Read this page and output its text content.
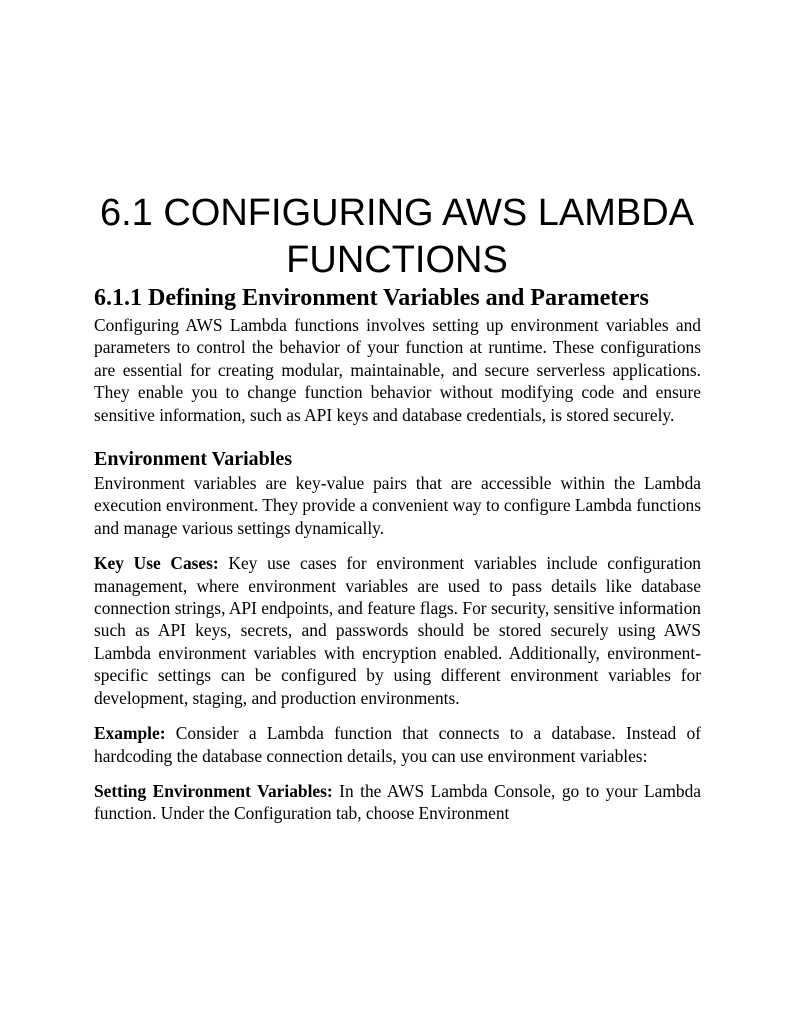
6.1 CONFIGURING AWS LAMBDA FUNCTIONS
6.1.1 Defining Environment Variables and Parameters

Configuring AWS Lambda functions involves setting up environment variables and parameters to control the behavior of your function at runtime. These configurations are essential for creating modular, maintainable, and secure serverless applications. They enable you to change function behavior without modifying code and ensure sensitive information, such as API keys and database credentials, is stored securely.

Environment Variables

Environment variables are key-value pairs that are accessible within the Lambda execution environment. They provide a convenient way to configure Lambda functions and manage various settings dynamically.

Key Use Cases: Key use cases for environment variables include configuration management, where environment variables are used to pass details like database connection strings, API endpoints, and feature flags. For security, sensitive information such as API keys, secrets, and passwords should be stored securely using AWS Lambda environment variables with encryption enabled. Additionally, environment-specific settings can be configured by using different environment variables for development, staging, and production environments.

Example: Consider a Lambda function that connects to a database. Instead of hardcoding the database connection details, you can use environment variables:

Setting Environment Variables: In the AWS Lambda Console, go to your Lambda function. Under the Configuration tab, choose Environment
